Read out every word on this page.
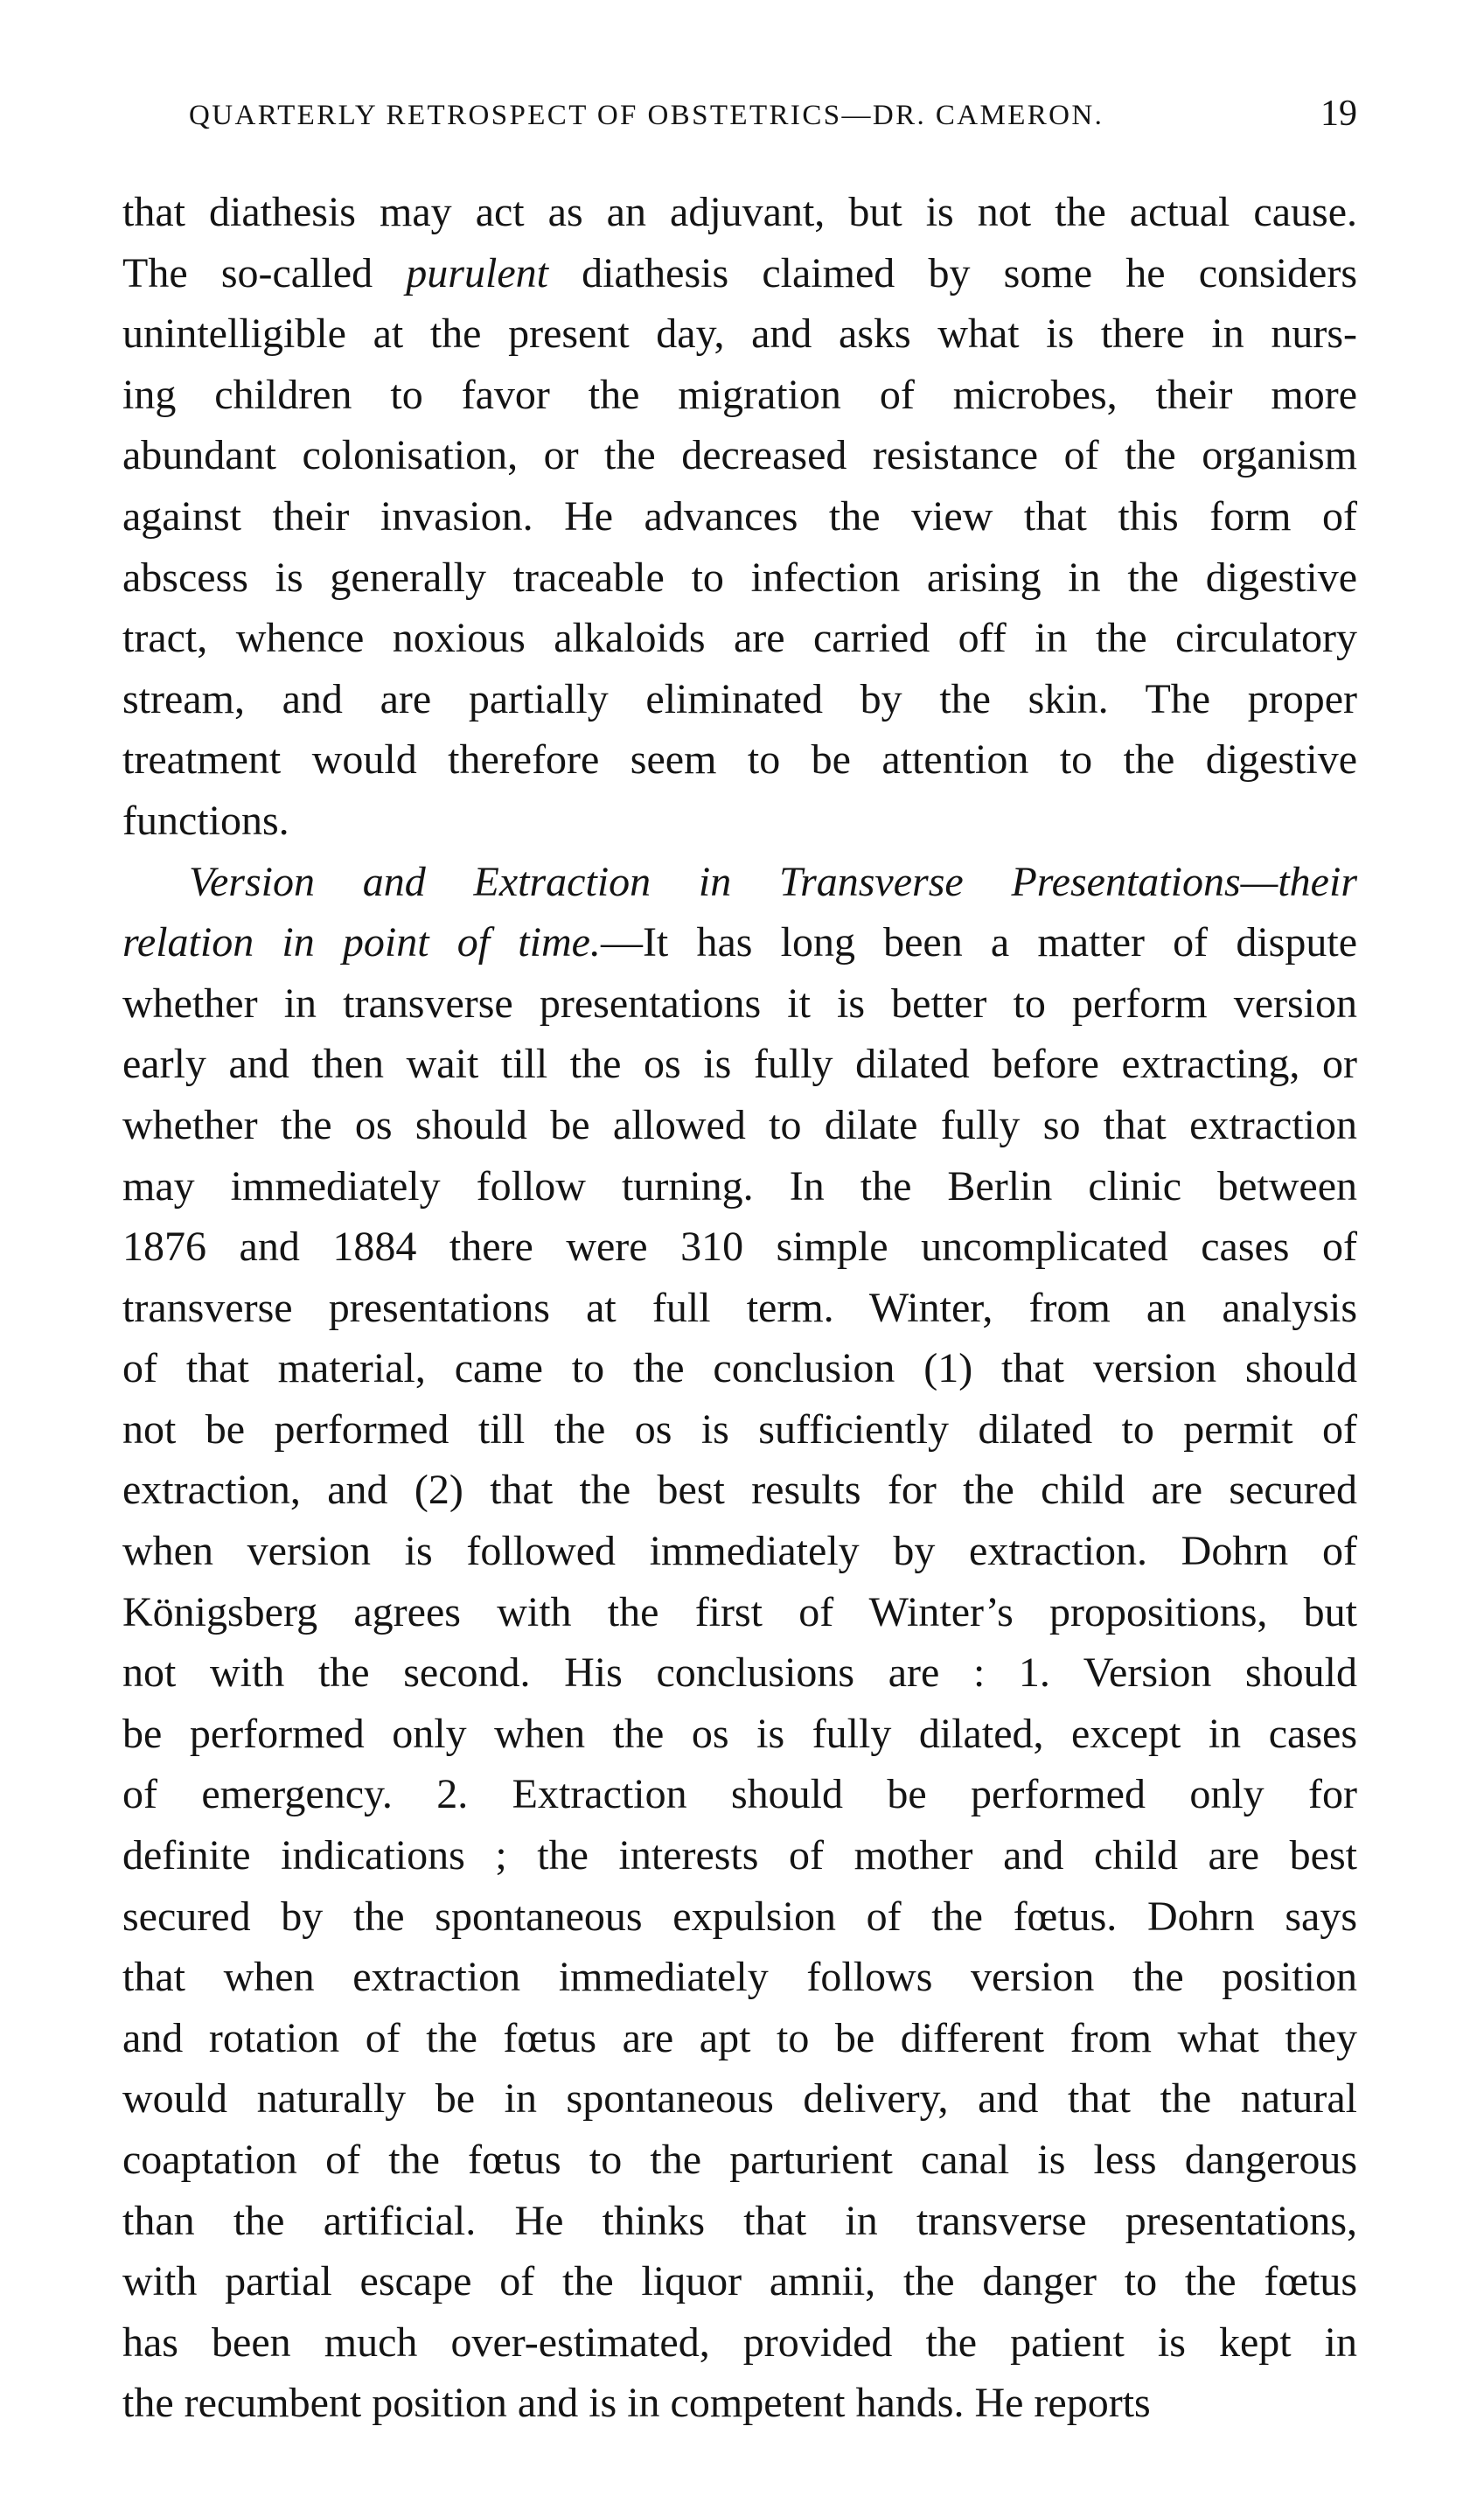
QUARTERLY RETROSPECT OF OBSTETRICS—DR. CAMERON.	19
that diathesis may act as an adjuvant, but is not the actual cause.
The so-called purulent diathesis claimed by some he considers
unintelligible at the present day, and asks what is there in nurs-
ing children to favor the migration of microbes, their more
abundant colonisation, or the decreased resistance of the organism
against their invasion. He advances the view that this form of
abscess is generally traceable to infection arising in the digestive
tract, whence noxious alkaloids are carried off in the circulatory
stream, and are partially eliminated by the skin. The proper
treatment would therefore seem to be attention to the digestive
functions.
Version and Extraction in Transverse Presentations—their
relation in point of time.—It has long been a matter of dispute
whether in transverse presentations it is better to perform version
early and then wait till the os is fully dilated before extracting, or
whether the os should be allowed to dilate fully so that extraction
may immediately follow turning. In the Berlin clinic between
1876 and 1884 there were 310 simple uncomplicated cases of
transverse presentations at full term. Winter, from an analysis
of that material, came to the conclusion (1) that version should
not be performed till the os is sufficiently dilated to permit of
extraction, and (2) that the best results for the child are secured
when version is followed immediately by extraction. Dohrn of
Königsberg agrees with the first of Winter’s propositions, but
not with the second. His conclusions are : 1. Version should
be performed only when the os is fully dilated, except in cases
of emergency. 2. Extraction should be performed only for
definite indications ; the interests of mother and child are best
secured by the spontaneous expulsion of the fœtus. Dohrn says
that when extraction immediately follows version the position
and rotation of the fœtus are apt to be different from what they
would naturally be in spontaneous delivery, and that the natural
coaptation of the fœtus to the parturient canal is less dangerous
than the artificial. He thinks that in transverse presentations,
with partial escape of the liquor amnii, the danger to the fœtus
has been much over-estimated, provided the patient is kept in
the recumbent position and is in competent hands. He reports
